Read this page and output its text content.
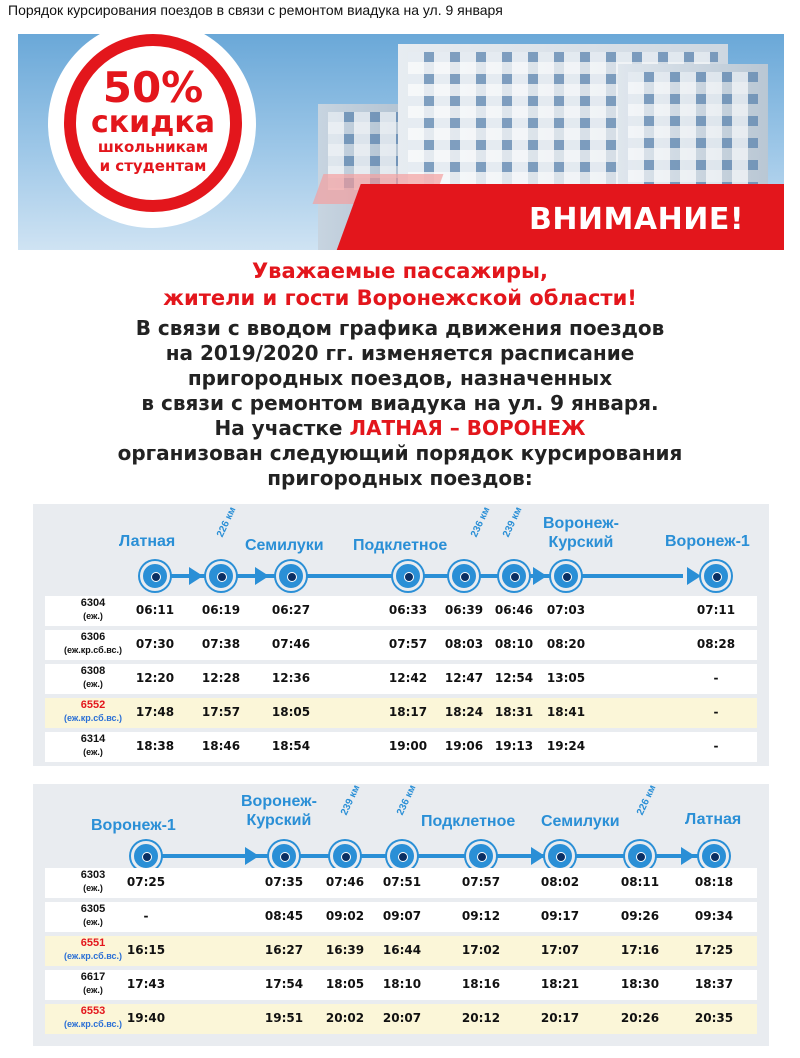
Порядок курсирования поездов в связи с ремонтом виадука на ул. 9 января
ВНИМАНИЕ!
50%
скидка
школьникам
и студентам
Уважаемые пассажиры,
жители и гости Воронежской области!
В связи с вводом графика движения поездов
на 2019/2020 гг. изменяется расписание
пригородных поездов, назначенных
в связи с ремонтом виадука на ул. 9 января.
На участке ЛАТНАЯ – ВОРОНЕЖ
организован следующий порядок курсирования
пригородных поездов:
Латная
226 км
Семилуки Подклетное
236 км 239 км Воронеж-
Курский	Воронеж-1
6304
(еж.)	06:11	06:19	06:27	06:33	06:39 06:46	07:03	07:11
6306
(еж.кр.сб.вс.)	07:30	07:38	07:46	07:57	08:03 08:10	08:20	08:28
6308
(еж.)	12:20	12:28	12:36	12:42	12:47 12:54	13:05	-
6552
(еж.кр.сб.вс.)	17:48	17:57	18:05	18:17	18:24 18:31	18:41	-
6314
(еж.)	18:38	18:46	18:54	19:00	19:06 19:13	19:24	-
Воронеж-1
Воронеж-
Курский
239 км	236 км
Подклетное Семилуки
226 км
Латная
6303
(еж.)	07:25	07:35	07:46	07:51	07:57	08:02	08:11	08:18
6305
(еж.)	-	08:45	09:02	09:07	09:12	09:17	09:26	09:34
6551
(еж.кр.сб.вс.) 16:15	16:27	16:39	16:44	17:02	17:07	17:16	17:25
6617
(еж.)	17:43	17:54	18:05	18:10	18:16	18:21	18:30	18:37
6553
(еж.кр.сб.вс.) 19:40	19:51	20:02	20:07	20:12	20:17	20:26	20:35
